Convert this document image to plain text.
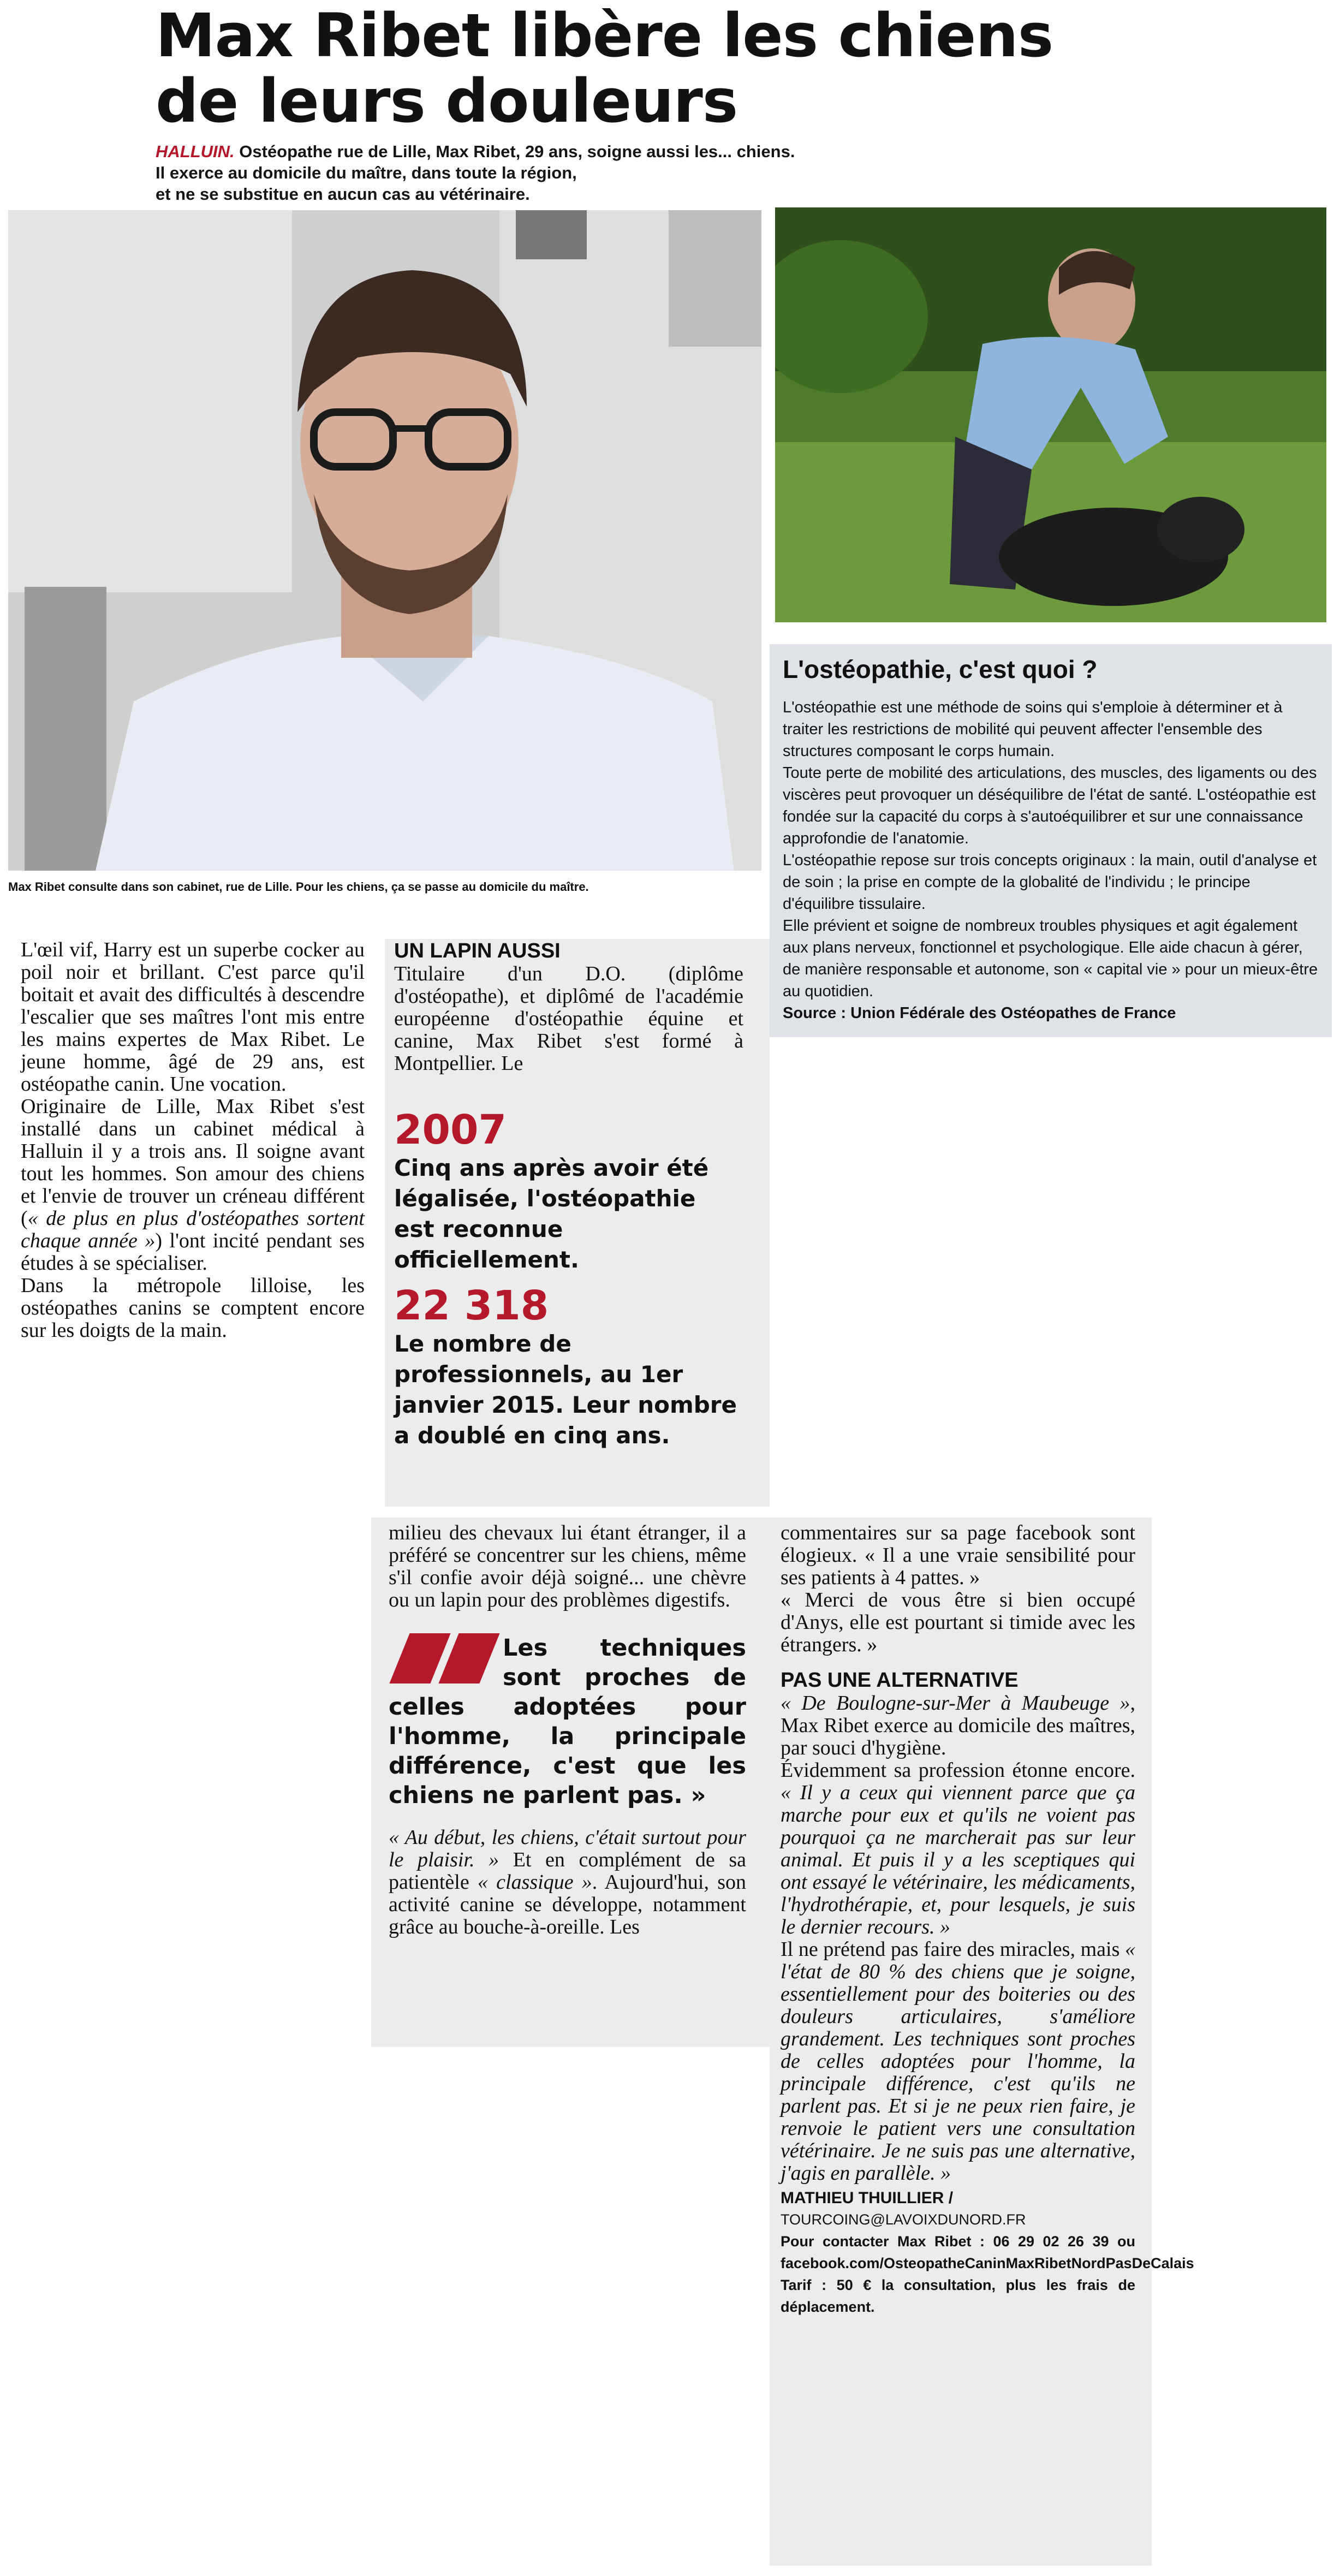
Max Ribet libère les chiens
de leurs douleurs
HALLUIN. Ostéopathe rue de Lille, Max Ribet, 29 ans, soigne aussi les... chiens.
Il exerce au domicile du maître, dans toute la région,
et ne se substitue en aucun cas au vétérinaire.
Max Ribet consulte dans son cabinet, rue de Lille. Pour les chiens, ça se passe au domicile du maître.
L'ostéopathie, c'est quoi ?

L'ostéopathie est une méthode de soins qui s'emploie à déterminer et à traiter les restrictions de mobilité qui peuvent affecter l'ensemble des structures composant le corps humain.

Toute perte de mobilité des articulations, des muscles, des ligaments ou des viscères peut provoquer un déséquilibre de l'état de santé. L'ostéopathie est fondée sur la capacité du corps à s'autoéquilibrer et sur une connaissance approfondie de l'anatomie.

L'ostéopathie repose sur trois concepts originaux : la main, outil d'analyse et de soin ; la prise en compte de la globalité de l'individu ; le principe d'équilibre tissulaire.

Elle prévient et soigne de nombreux troubles physiques et agit également aux plans nerveux, fonctionnel et psychologique. Elle aide chacun à gérer, de manière responsable et autonome, son « capital vie » pour un mieux-être au quotidien.

Source : Union Fédérale des Ostéopathes de France

L'œil vif, Harry est un superbe cocker au poil noir et brillant. C'est parce qu'il boitait et avait des difficultés à descendre l'escalier que ses maîtres l'ont mis entre les mains expertes de Max Ribet. Le jeune homme, âgé de 29 ans, est ostéopathe canin. Une vocation.

Originaire de Lille, Max Ribet s'est installé dans un cabinet médical à Halluin il y a trois ans. Il soigne avant tout les hommes. Son amour des chiens et l'envie de trouver un créneau différent (« de plus en plus d'ostéopathes sortent chaque année ») l'ont incité pendant ses études à se spécialiser.

Dans la métropole lilloise, les ostéopathes canins se comptent encore sur les doigts de la main.

UN LAPIN AUSSI

Titulaire d'un D.O. (diplôme d'ostéopathe), et diplômé de l'académie européenne d'ostéopathie équine et canine, Max Ribet s'est formé à Montpellier. Le

2007
Cinq ans après avoir été légalisée, l'ostéopathie est reconnue officiellement.
22 318
Le nombre de professionnels, au 1er janvier 2015. Leur nombre a doublé en cinq ans.

milieu des chevaux lui étant étranger, il a préféré se concentrer sur les chiens, même s'il confie avoir déjà soigné... une chèvre ou un lapin pour des problèmes digestifs.

Les techniques sont proches de celles adoptées pour l'homme, la principale différence, c'est que les chiens ne parlent pas. »

« Au début, les chiens, c'était surtout pour le plaisir. » Et en complément de sa patientèle « classique ». Aujourd'hui, son activité canine se développe, notamment grâce au bouche-à-oreille. Les

commentaires sur sa page facebook sont élogieux. « Il a une vraie sensibilité pour ses patients à 4 pattes. »

« Merci de vous être si bien occupé d'Anys, elle est pourtant si timide avec les étrangers. »

PAS UNE ALTERNATIVE

« De Boulogne-sur-Mer à Maubeuge », Max Ribet exerce au domicile des maîtres, par souci d'hygiène.

Évidemment sa profession étonne encore. « Il y a ceux qui viennent parce que ça marche pour eux et qu'ils ne voient pas pourquoi ça ne marcherait pas sur leur animal. Et puis il y a les sceptiques qui ont essayé le vétérinaire, les médicaments, l'hydrothérapie, et, pour lesquels, je suis le dernier recours. »

Il ne prétend pas faire des miracles, mais « l'état de 80 % des chiens que je soigne, essentiellement pour des boiteries ou des douleurs articulaires, s'améliore grandement. Les techniques sont proches de celles adoptées pour l'homme, la principale différence, c'est qu'ils ne parlent pas. Et si je ne peux rien faire, je renvoie le patient vers une consultation vétérinaire. Je ne suis pas une alternative, j'agis en parallèle. »

MATHIEU THUILLIER /
TOURCOING@LAVOIXDUNORD.FR
Pour contacter Max Ribet : 06 29 02 26 39 ou facebook.com/OsteopatheCaninMaxRibetNordPasDeCalais
Tarif : 50 € la consultation, plus les frais de déplacement.
